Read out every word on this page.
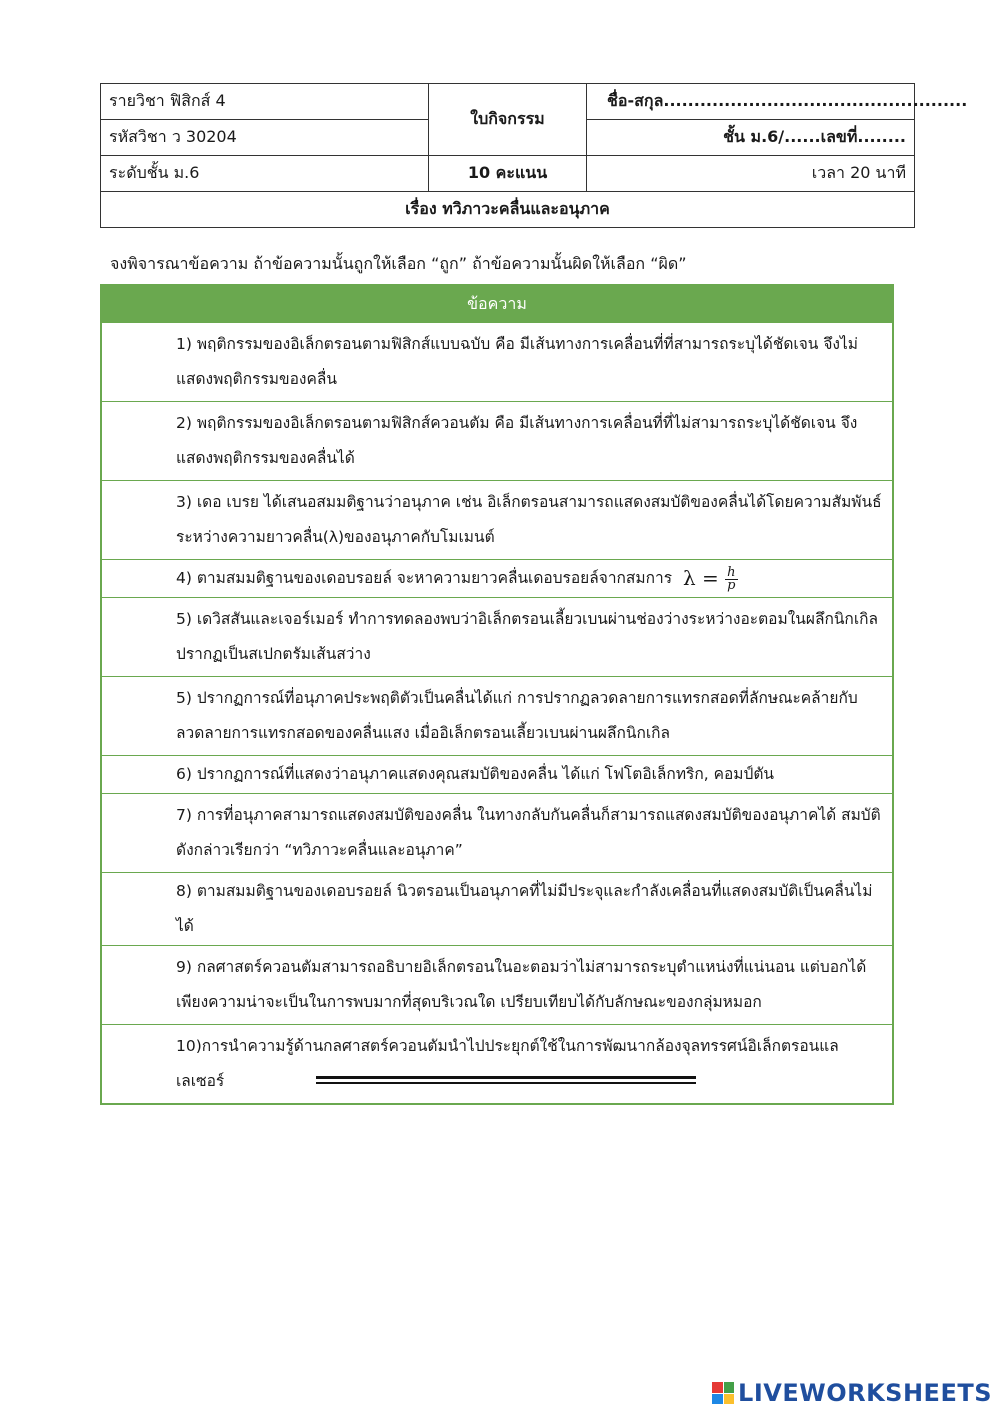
รายวิชา ฟิสิกส์ 4	ใบกิจกรรม	ชื่อ-สกุล..................................................
รหัสวิชา ว 30204		ชั้น ม.6/......เลขที่........
ระดับชั้น ม.6	10 คะแนน	เวลา 20 นาที
เรื่อง ทวิภาวะคลื่นและอนุภาค		
จงพิจารณาข้อความ ถ้าข้อความนั้นถูกให้เลือก “ถูก” ถ้าข้อความนั้นผิดให้เลือก “ผิด”
ข้อความ
1) พฤติกรรมของอิเล็กตรอนตามฟิสิกส์แบบฉบับ คือ มีเส้นทางการเคลื่อนที่ที่สามารถระบุได้ชัดเจน จึงไม่แสดงพฤติกรรมของคลื่น
2) พฤติกรรมของอิเล็กตรอนตามฟิสิกส์ควอนตัม คือ มีเส้นทางการเคลื่อนที่ที่ไม่สามารถระบุได้ชัดเจน จึงแสดงพฤติกรรมของคลื่นได้
3) เดอ เบรย ได้เสนอสมมติฐานว่าอนุภาค เช่น อิเล็กตรอนสามารถแสดงสมบัติของคลื่นได้โดยความสัมพันธ์ระหว่างความยาวคลื่น(λ)ของอนุภาคกับโมเมนต์
4) ตามสมมติฐานของเดอบรอยล์ จะหาความยาวคลื่นเดอบรอยล์จากสมการ $\lambda = \frac{h}{p}$
5) เดวิสสันและเจอร์เมอร์ ทำการทดลองพบว่าอิเล็กตรอนเลี้ยวเบนผ่านช่องว่างระหว่างอะตอมในผลึกนิกเกิล ปรากฏเป็นสเปกตรัมเส้นสว่าง
5) ปรากฏการณ์ที่อนุภาคประพฤติตัวเป็นคลื่นได้แก่ การปรากฏลวดลายการแทรกสอดที่ลักษณะคล้ายกับลวดลายการแทรกสอดของคลื่นแสง เมื่ออิเล็กตรอนเลี้ยวเบนผ่านผลึกนิกเกิล
6) ปรากฏการณ์ที่แสดงว่าอนุภาคแสดงคุณสมบัติของคลื่น ได้แก่ โฟโตอิเล็กทริก, คอมป์ตัน
7) การที่อนุภาคสามารถแสดงสมบัติของคลื่น ในทางกลับกันคลื่นก็สามารถแสดงสมบัติของอนุภาคได้ สมบัติดังกล่าวเรียกว่า “ทวิภาวะคลื่นและอนุภาค”
8) ตามสมมติฐานของเดอบรอยล์ นิวตรอนเป็นอนุภาคที่ไม่มีประจุและกำลังเคลื่อนที่แสดงสมบัติเป็นคลื่นไม่ได้
9) กลศาสตร์ควอนตัมสามารถอธิบายอิเล็กตรอนในอะตอมว่าไม่สามารถระบุตำแหน่งที่แน่นอน แต่บอกได้เพียงความน่าจะเป็นในการพบมากที่สุดบริเวณใด เปรียบเทียบได้กับลักษณะของกลุ่มหมอก
10)การนำความรู้ด้านกลศาสตร์ควอนตัมนำไปประยุกต์ใช้ในการพัฒนากล้องจุลทรรศน์อิเล็กตรอนแลเลเซอร์
LIVEWORKSHEETS
